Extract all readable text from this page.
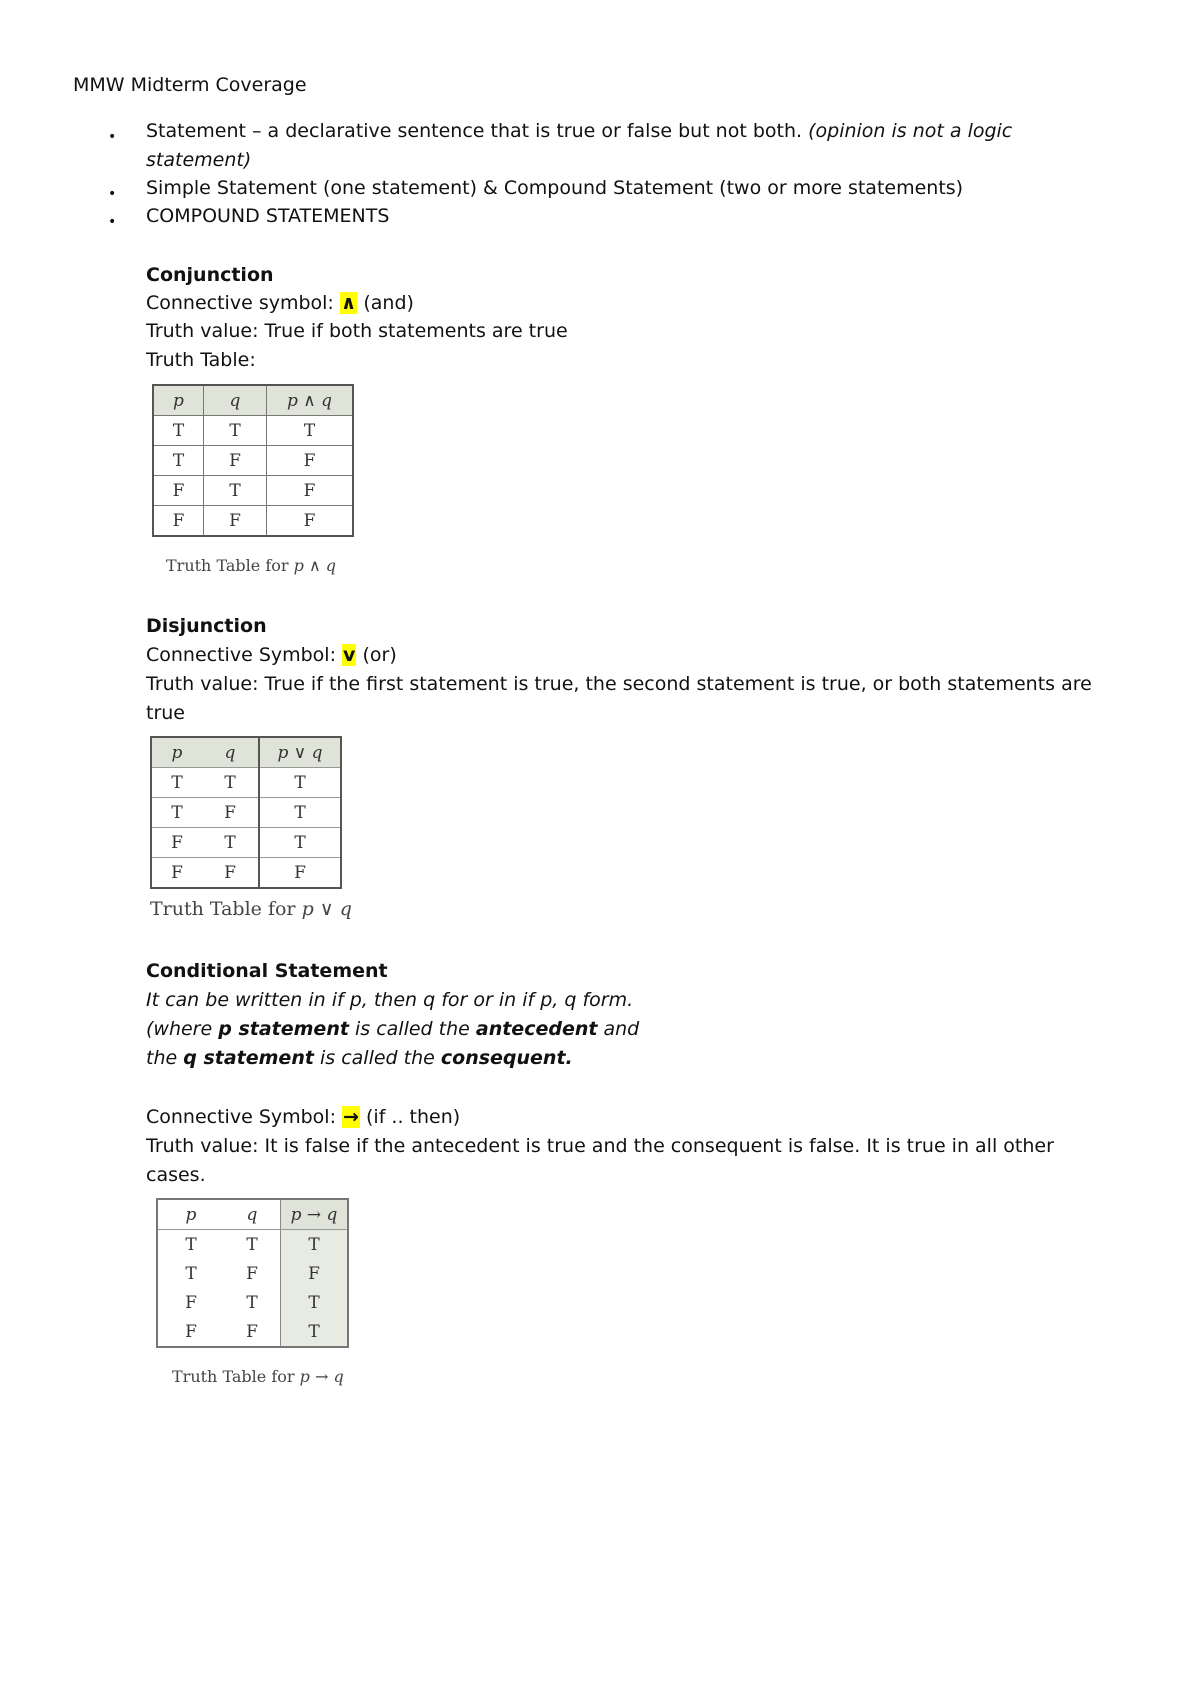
MMW Midterm Coverage
• Statement – a declarative sentence that is true or false but not both. (opinion is not a logic
statement)
• Simple Statement (one statement) & Compound Statement (two or more statements)
• COMPOUND STATEMENTS
Conjunction
Connective symbol: ∧ (and)
Truth value: True if both statements are true
Truth Table:
p	q	p ∧ q
T	T	T
T	F	F
F	T	F
F	F	F
Truth Table for p ∧ q
Disjunction
Connective Symbol: v (or)
Truth value: True if the first statement is true, the second statement is true, or both statements are
true
p	q	p ∨ q
T	T	T
T	F	T
F	T	T
F	F	F
Truth Table for p ∨ q
Conditional Statement
It can be written in if p, then q for or in if p, q form.
(where p statement is called the antecedent and
the q statement is called the consequent.
Connective Symbol: → (if .. then)
Truth value: It is false if the antecedent is true and the consequent is false. It is true in all other
cases.
p	q	p → q
T	T	T
T	F	F
F	T	T
F	F	T
Truth Table for p → q
